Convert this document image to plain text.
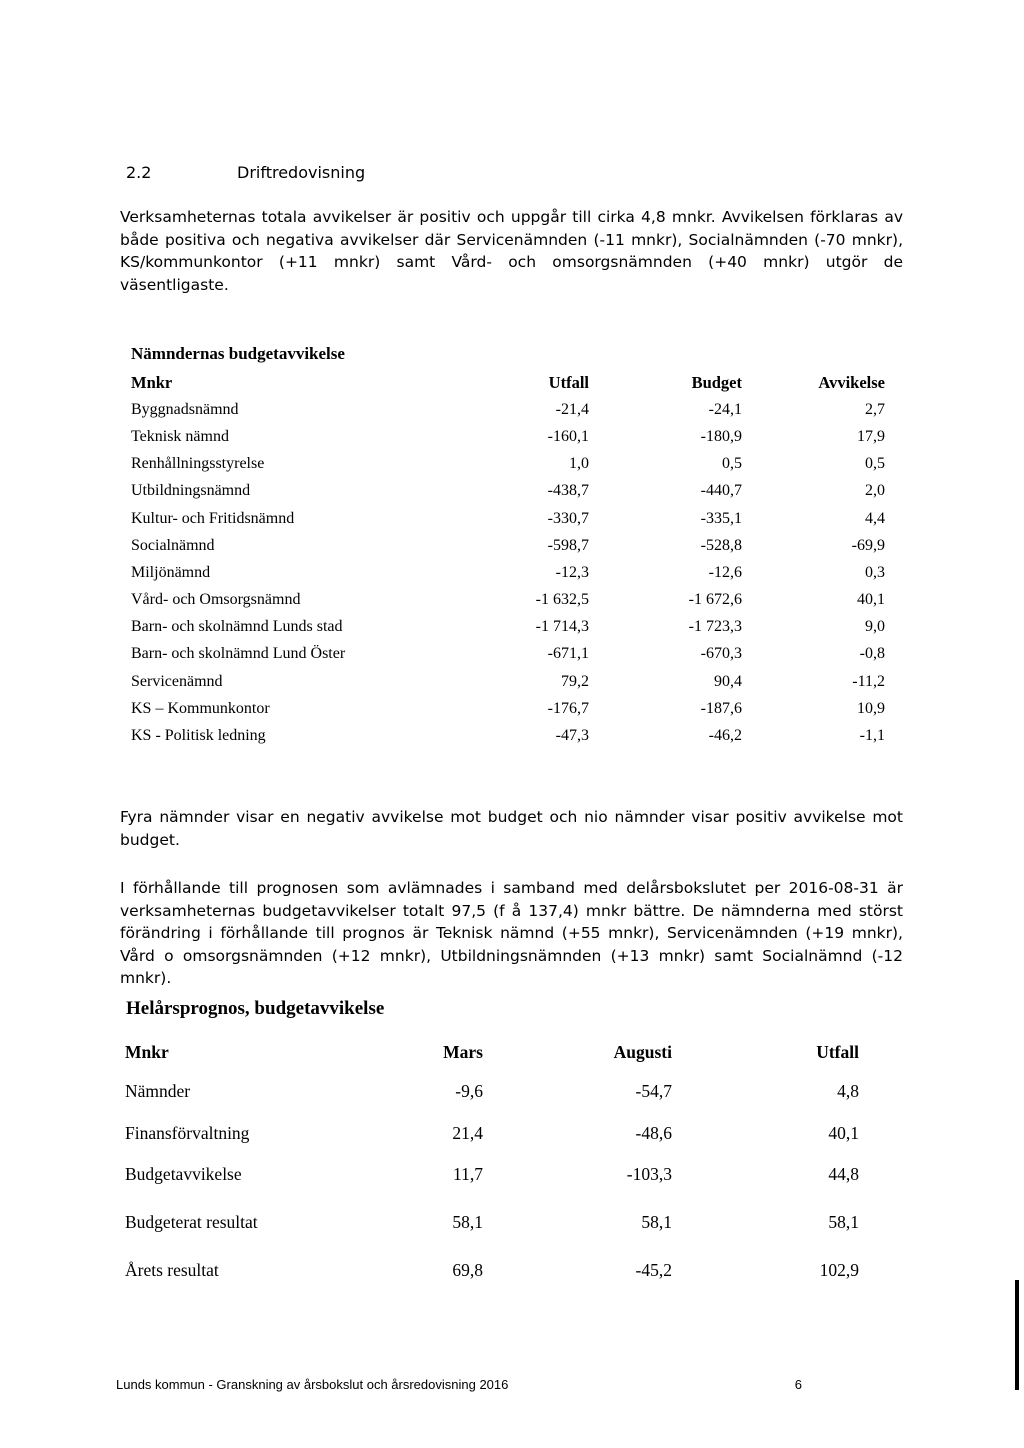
2.2	Driftredovisning
Verksamheternas totala avvikelser är positiv och uppgår till cirka 4,8 mnkr. Avvikelsen förklaras av både positiva och negativa avvikelser där Servicenämnden (-11 mnkr), Socialnämnden (-70 mnkr), KS/kommunkontor (+11 mnkr) samt Vård- och omsorgsnämnden (+40 mnkr) utgör de väsentligaste.
Nämndernas budgetavvikelse
Mnkr	Utfall	Budget	Avvikelse
Byggnadsnämnd	-21,4	-24,1	2,7
Teknisk nämnd	-160,1	-180,9	17,9
Renhållningsstyrelse	1,0	0,5	0,5
Utbildningsnämnd	-438,7	-440,7	2,0
Kultur- och Fritidsnämnd	-330,7	-335,1	4,4
Socialnämnd	-598,7	-528,8	-69,9
Miljönämnd	-12,3	-12,6	0,3
Vård- och Omsorgsnämnd	-1 632,5	-1 672,6	40,1
Barn- och skolnämnd Lunds stad	-1 714,3	-1 723,3	9,0
Barn- och skolnämnd Lund Öster	-671,1	-670,3	-0,8
Servicenämnd	79,2	90,4	-11,2
KS – Kommunkontor	-176,7	-187,6	10,9
KS - Politisk ledning	-47,3	-46,2	-1,1
Fyra nämnder visar en negativ avvikelse mot budget och nio nämnder visar positiv avvikelse mot budget.
I förhållande till prognosen som avlämnades i samband med delårsbokslutet per 2016-08-31 är verksamheternas budgetavvikelser totalt 97,5 (f å 137,4) mnkr bättre. De nämnderna med störst förändring i förhållande till prognos är Teknisk nämnd (+55 mnkr), Servicenämnden (+19 mnkr), Vård o omsorgsnämnden (+12 mnkr), Utbildningsnämnden (+13 mnkr) samt Socialnämnd (-12 mnkr).
Helårsprognos, budgetavvikelse
Mnkr	Mars	Augusti	Utfall
Nämnder	-9,6	-54,7	4,8
Finansförvaltning	21,4	-48,6	40,1
Budgetavvikelse	11,7	-103,3	44,8
Budgeterat resultat	58,1	58,1	58,1
Årets resultat	69,8	-45,2	102,9
Lunds kommun - Granskning av årsbokslut och årsredovisning 2016	6
